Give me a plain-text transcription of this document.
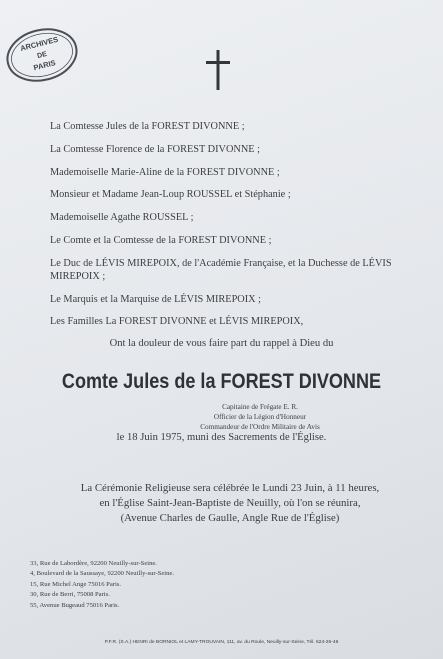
ARCHIVES
DE
PARIS
La Comtesse Jules de la FOREST DIVONNE ;
La Comtesse Florence de la FOREST DIVONNE ;
Mademoiselle Marie-Aline de la FOREST DIVONNE ;
Monsieur et Madame Jean-Loup ROUSSEL et Stéphanie ;
Mademoiselle Agathe ROUSSEL ;
Le Comte et la Comtesse de la FOREST DIVONNE ;
Le Duc de LÉVIS MIREPOIX, de l'Académie Française, et la Duchesse de LÉVIS MIREPOIX ;
Le Marquis et la Marquise de LÉVIS MIREPOIX ;
Les Familles La FOREST DIVONNE et LÉVIS MIREPOIX,
Ont la douleur de vous faire part du rappel à Dieu du
Comte Jules de la FOREST DIVONNE
Capitaine de Frégate E. R.
Officier de la Légion d'Honneur
Commandeur de l'Ordre Militaire de Avis
le 18 Juin 1975, muni des Sacrements de l'Église.
La Cérémonie Religieuse sera célébrée le Lundi 23 Juin, à 11 heures,
en l'Église Saint-Jean-Baptiste de Neuilly, où l'on se réunira,
(Avenue Charles de Gaulle, Angle Rue de l'Église)
33, Rue de Labordère, 92200 Neuilly-sur-Seine.
4, Boulevard de la Saussaye, 92200 Neuilly-sur-Seine.
15, Rue Michel Ange 75016 Paris.
30, Rue de Berri, 75008 Paris.
55, Avenue Bugeaud 75016 Paris.
P.F.R. (S.A.) HENRI de BORNIOL et LAMY-TROUVAIN, 111, av. du Roule, Neuilly-sur-Seine, Tél. 624-26-46
